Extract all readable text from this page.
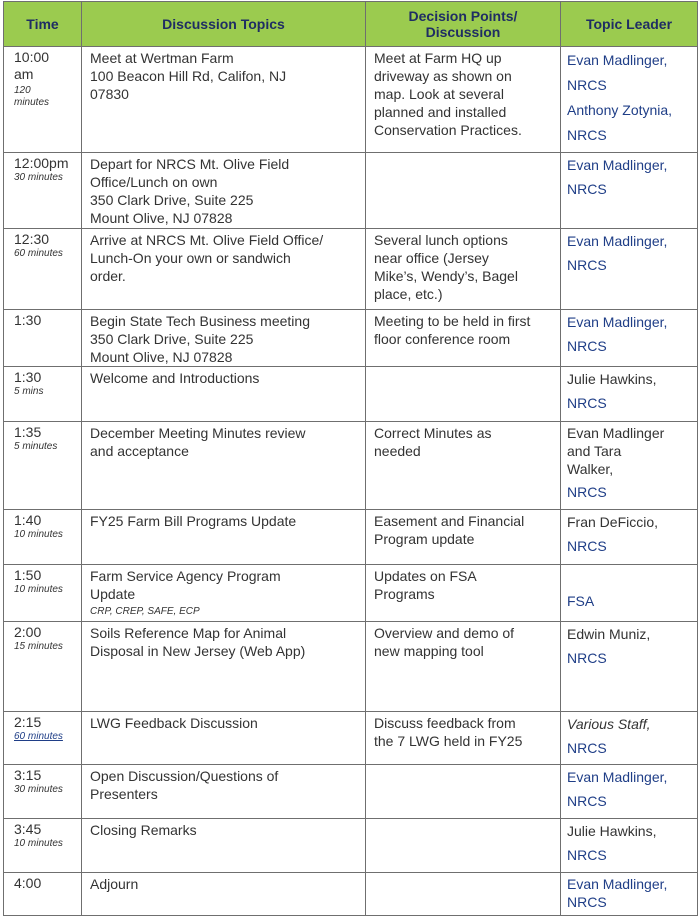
Time	Discussion Topics	Decision Points/
Discussion	Topic Leader

10:00 am
120 minutes	Meet at Wertman Farm
100 Beacon Hill Rd, Califon, NJ
07830	Meet at Farm HQ up
driveway as shown on
map. Look at several
planned and installed
Conservation Practices.	Evan Madlinger,
NRCS
Anthony Zotynia,
NRCS

12:00pm
30 minutes	Depart for NRCS Mt. Olive Field
Office/Lunch on own
350 Clark Drive, Suite 225
Mount Olive, NJ 07828		Evan Madlinger,
NRCS

12:30
60 minutes	Arrive at NRCS Mt. Olive Field Office/
Lunch-On your own or sandwich
order.	Several lunch options
near office (Jersey
Mike’s, Wendy’s, Bagel
place, etc.)	Evan Madlinger,
NRCS

1:30	Begin State Tech Business meeting
350 Clark Drive, Suite 225
Mount Olive, NJ 07828	Meeting to be held in first
floor conference room	Evan Madlinger,
NRCS

1:30
5 mins	Welcome and Introductions		Julie Hawkins,
NRCS

1:35
5 minutes	December Meeting Minutes review
and acceptance	Correct Minutes as
needed	Evan Madlinger
and Tara
Walker,
NRCS

1:40
10 minutes	FY25 Farm Bill Programs Update	Easement and Financial
Program update	Fran DeFiccio,
NRCS

1:50
10 minutes	Farm Service Agency Program
Update
CRP, CREP, SAFE, ECP	Updates on FSA
Programs	FSA

2:00
15 minutes	Soils Reference Map for Animal
Disposal in New Jersey (Web App)	Overview and demo of
new mapping tool	Edwin Muniz,
NRCS

2:15
60 minutes	LWG Feedback Discussion	Discuss feedback from
the 7 LWG held in FY25	Various Staff,
NRCS

3:15
30 minutes	Open Discussion/Questions of
Presenters		Evan Madlinger,
NRCS

3:45
10 minutes	Closing Remarks		Julie Hawkins,
NRCS

4:00	Adjourn		Evan Madlinger,
NRCS
